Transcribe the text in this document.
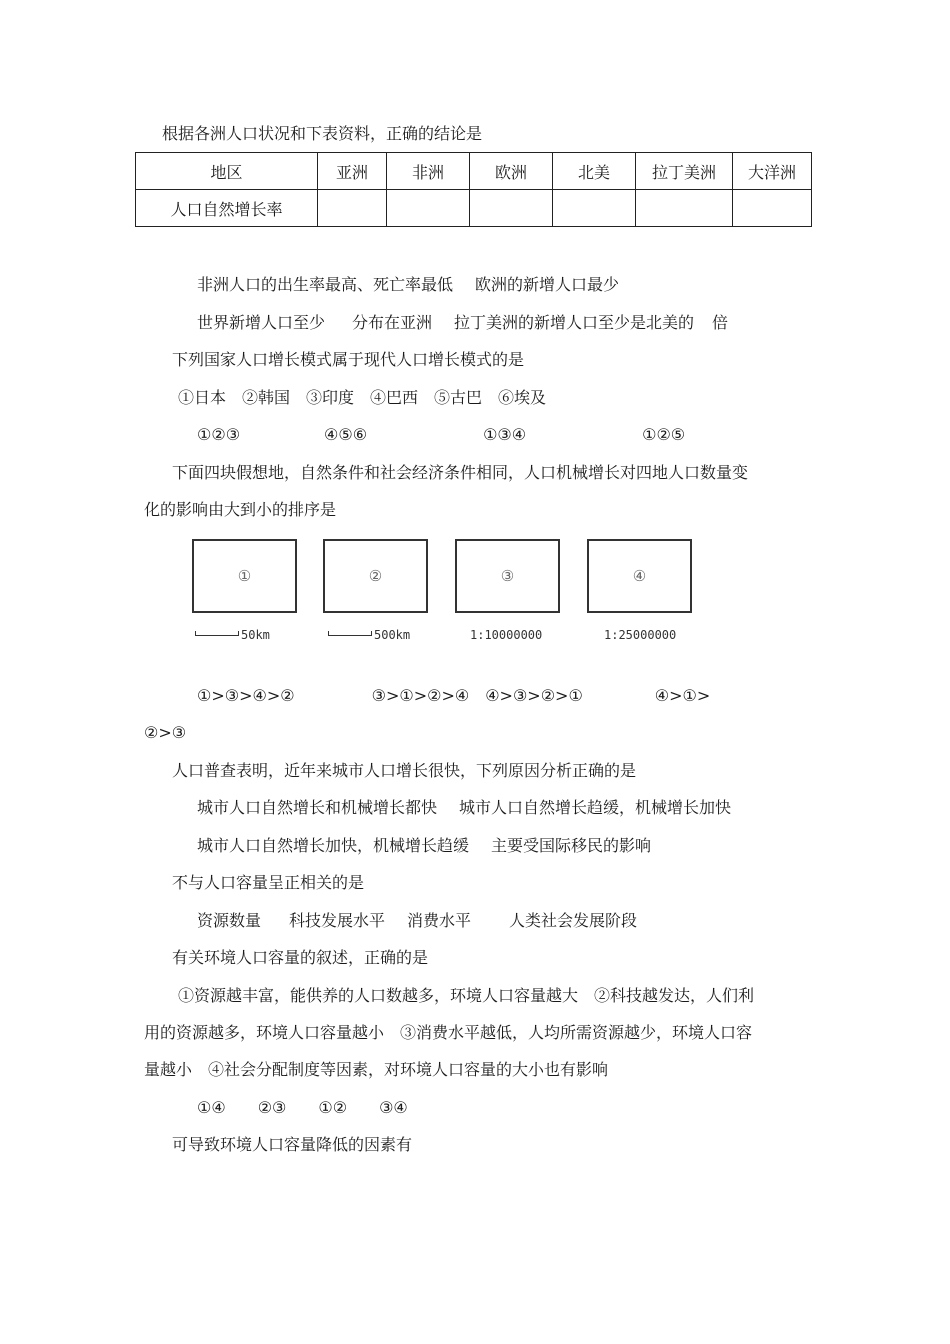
根据各洲人口状况和下表资料，正确的结论是
地区	亚洲	非洲	欧洲	北美	拉丁美洲	大洋洲
人口自然增长率						
非洲人口的出生率最高、死亡率最低 欧洲的新增人口最少
世界新增人口至少 分布在亚洲 拉丁美洲的新增人口至少是北美的 倍
下列国家人口增长模式属于现代人口增长模式的是
①日本　②韩国　③印度　④巴西　⑤古巴　⑥埃及
①②③	④⑤⑥	①③④	①②⑤
下面四块假想地，自然条件和社会经济条件相同，人口机械增长对四地人口数量变
化的影响由大到小的排序是
①	②	③	④
50km	500km	1:10000000	1:25000000
①>③>④>②	③>①>②>④ ④>③>②>①	④>①>
②>③
人口普查表明，近年来城市人口增长很快，下列原因分析正确的是
城市人口自然增长和机械增长都快 城市人口自然增长趋缓，机械增长加快
城市人口自然增长加快，机械增长趋缓 主要受国际移民的影响
不与人口容量呈正相关的是
资源数量 科技发展水平 消费水平 人类社会发展阶段
有关环境人口容量的叙述，正确的是
①资源越丰富，能供养的人口数越多，环境人口容量越大　②科技越发达，人们利
用的资源越多，环境人口容量越小　③消费水平越低，人均所需资源越少，环境人口容
量越小　④社会分配制度等因素，对环境人口容量的大小也有影响
①④ ②③ ①② ③④
可导致环境人口容量降低的因素有
